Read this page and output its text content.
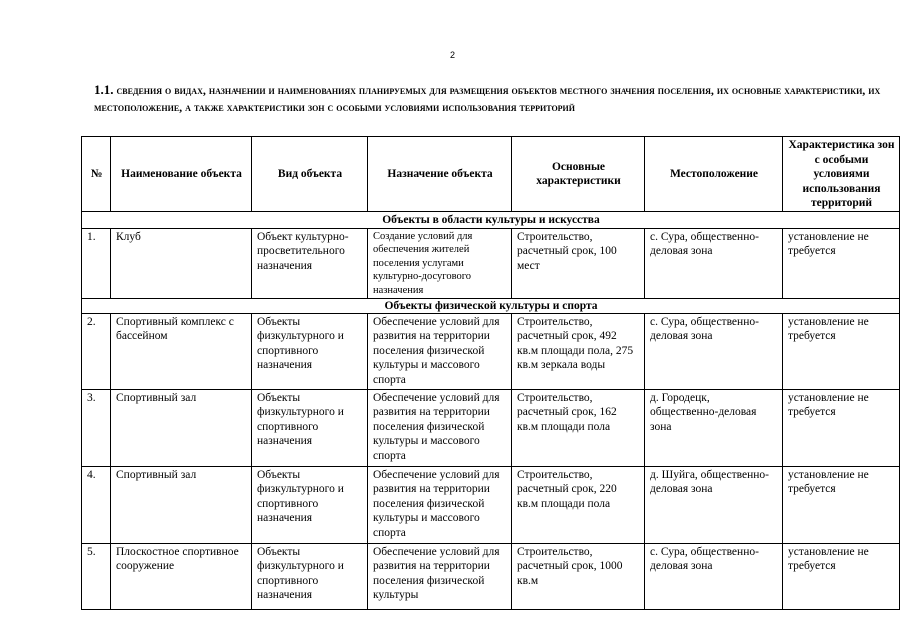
2
1.1. сведения о видах, назначении и наименованиях планируемых для размещения объектов местного значения поселения, их основные характеристики, их местоположение, а также характеристики зон с особыми условиями использования территорий
№	Наименование объекта	Вид объекта	Назначение объекта	Основные характеристики	Местоположение	Характеристика зон с особыми условиями использования территорий
Объекты в области культуры и искусства						
1.	Клуб	Объект культурно-просветительного назначения	Создание условий для обеспечения жителей поселения услугами культурно-досугового назначения	Строительство, расчетный срок, 100 мест	с. Сура, общественно-деловая зона	установление не требуется
Объекты физической культуры и спорта						
2.	Спортивный комплекс с бассейном	Объекты физкультурного и спортивного назначения	Обеспечение условий для развития на территории поселения физической культуры и массового спорта	Строительство, расчетный срок, 492 кв.м площади пола, 275 кв.м зеркала воды	с. Сура, общественно-деловая зона	установление не требуется
3.	Спортивный зал	Объекты физкультурного и спортивного назначения	Обеспечение условий для развития на территории поселения физической культуры и массового спорта	Строительство, расчетный срок, 162 кв.м площади пола	д. Городецк, общественно-деловая зона	установление не требуется
4.	Спортивный зал	Объекты физкультурного и спортивного назначения	Обеспечение условий для развития на территории поселения физической культуры и массового спорта	Строительство, расчетный срок, 220 кв.м площади пола	д. Шуйга, общественно-деловая зона	установление не требуется
5.	Плоскостное спортивное сооружение	Объекты физкультурного и спортивного назначения	Обеспечение условий для развития на территории поселения физической культуры	Строительство, расчетный срок, 1000 кв.м	с. Сура, общественно-деловая зона	установление не требуется
